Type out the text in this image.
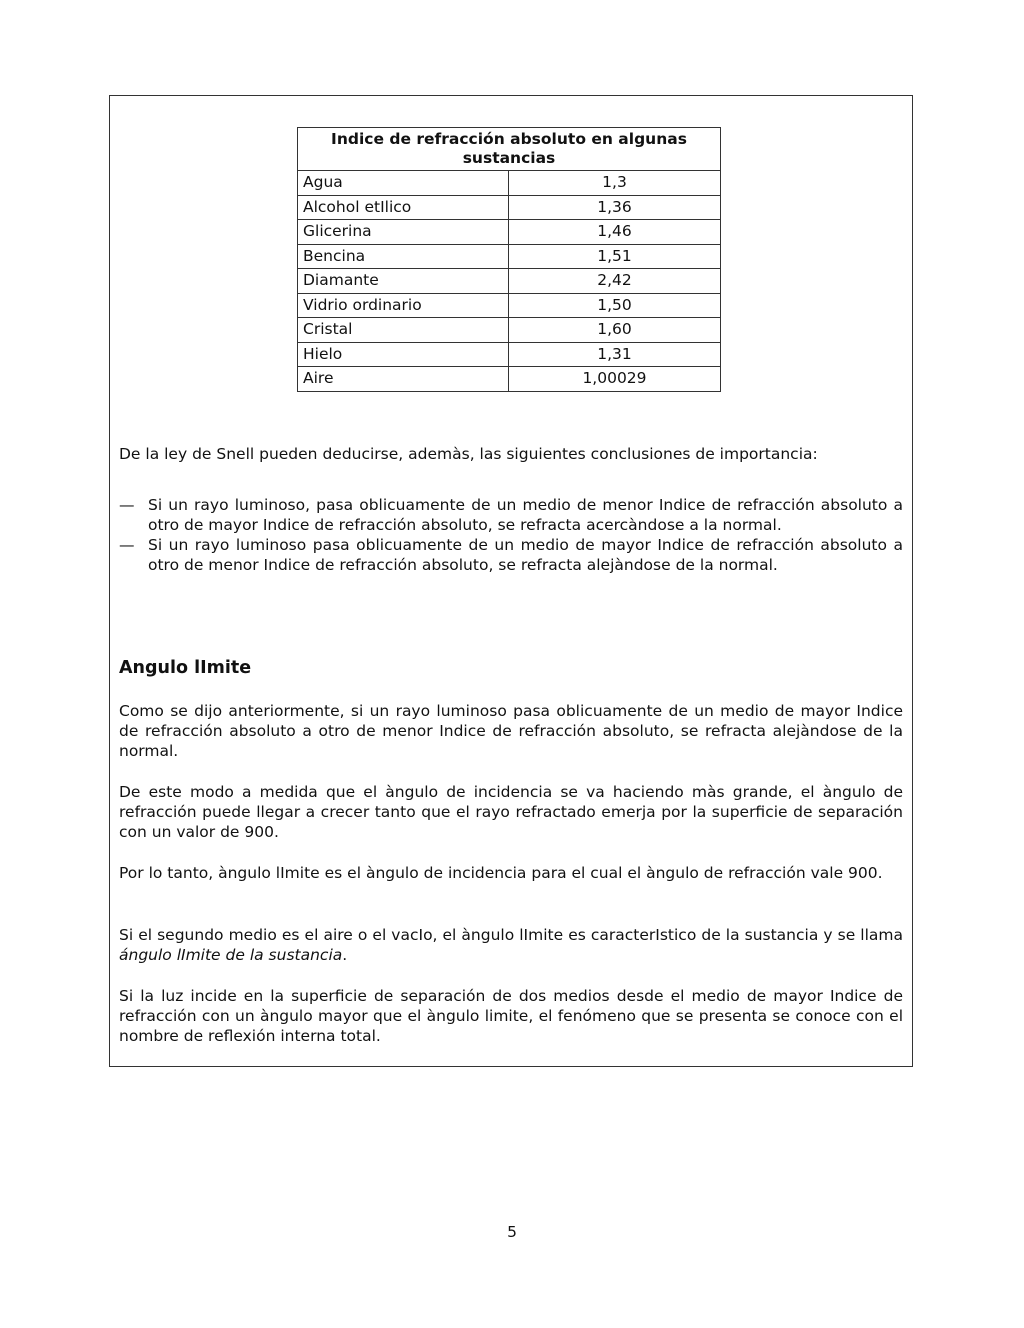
Indice de refracción absoluto en algunas sustancias	
Agua	1,3
Alcohol etIlico	1,36
Glicerina	1,46
Bencina	1,51
Diamante	2,42
Vidrio ordinario	1,50
Cristal	1,60
Hielo	1,31
Aire	1,00029
De la ley de Snell pueden deducirse, ademàs, las siguientes conclusiones de importancia:
— Si un rayo luminoso, pasa oblicuamente de un medio de menor Indice de refracción absoluto a otro de mayor Indice de refracción absoluto, se refracta acercàndose a la normal.
— Si un rayo luminoso pasa oblicuamente de un medio de mayor Indice de refracción absoluto a otro de menor Indice de refracción absoluto, se refracta alejàndose de la normal.
Angulo lImite
Como se dijo anteriormente, si un rayo luminoso pasa oblicuamente de un medio de mayor Indice de refracción absoluto a otro de menor Indice de refracción absoluto, se refracta alejàndose de la normal.
De este modo a medida que el àngulo de incidencia se va haciendo màs grande, el àngulo de refracción puede llegar a crecer tanto que el rayo refractado emerja por la superficie de separación con un valor de 900.
Por lo tanto, àngulo lImite es el àngulo de incidencia para el cual el àngulo de refracción vale 900.
Si el segundo medio es el aire o el vacIo, el àngulo lImite es caracterIstico de la sustancia y se llama ángulo lImite de la sustancia.
Si la luz incide en la superficie de separación de dos medios desde el medio de mayor Indice de refracción con un àngulo mayor que el àngulo limite, el fenómeno que se presenta se conoce con el nombre de reflexión interna total.
5
